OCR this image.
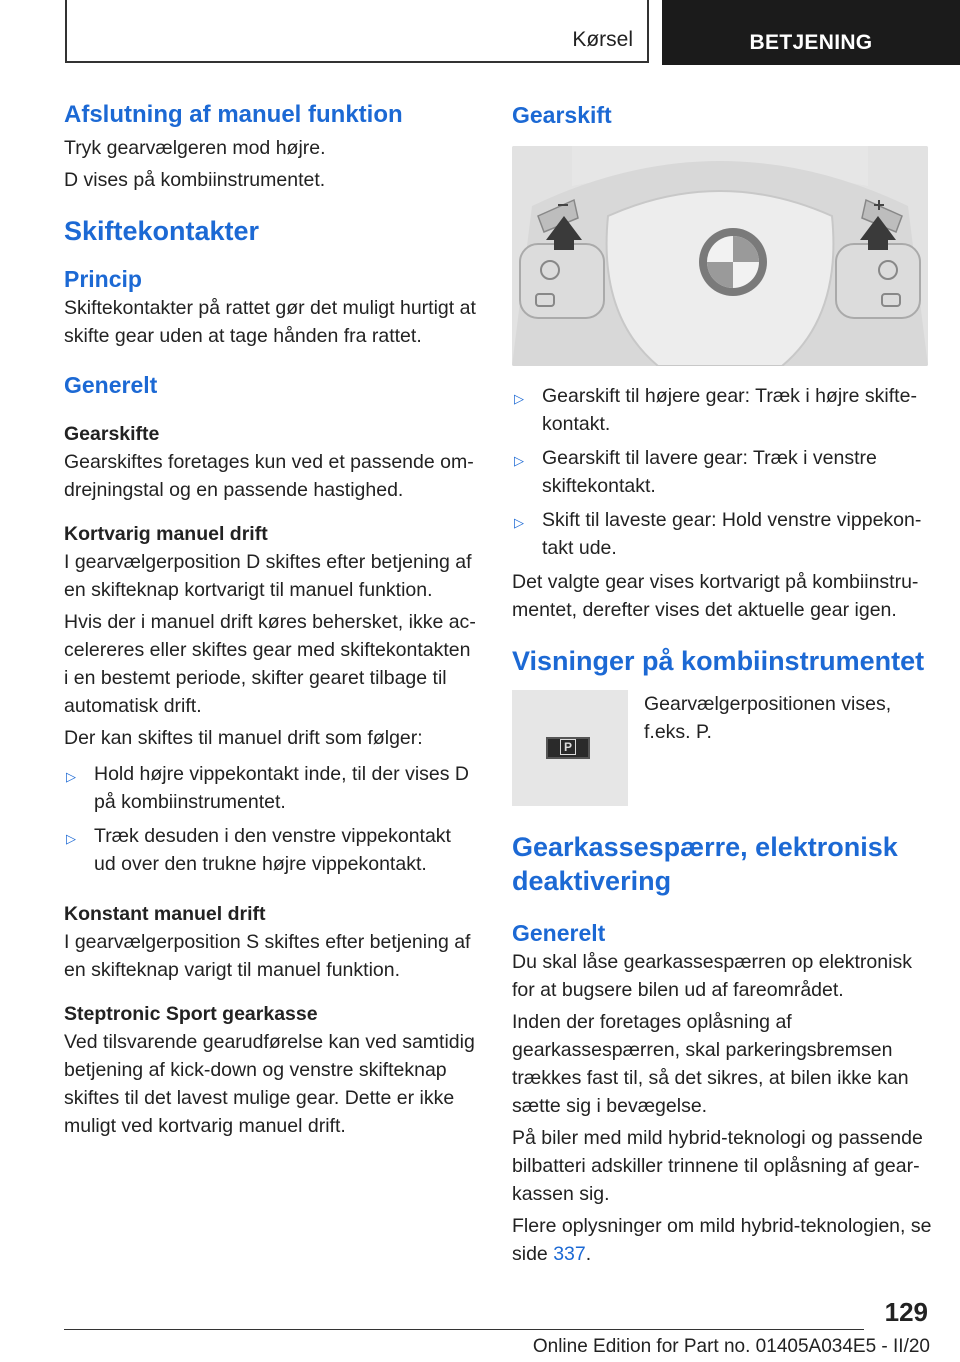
Kørsel	BETJENING
Afslutning af manuel funktion

Tryk gearvælgeren mod højre.

D vises på kombiinstrumentet.

Skiftekontakter
Princip

Skiftekontakter på rattet gør det muligt hurtigt at skifte gear uden at tage hånden fra rattet.

Generelt
Gearskifte

Gearskiftes foretages kun ved et passende omdrejningstal og en passende hastighed.

Kortvarig manuel drift

I gearvælgerposition D skiftes efter betjening af en skifteknap kortvarigt til manuel funktion.

Hvis der i manuel drift køres behersket, ikke accelereres eller skiftes gear med skiftekontakten i en bestemt periode, skifter gearet tilbage til automatisk drift.

Der kan skiftes til manuel drift som følger:

▷ Hold højre vippekontakt inde, til der vises D på kombiinstrumentet.
▷ Træk desuden i den venstre vippekontakt ud over den trukne højre vippekontakt.
Konstant manuel drift

I gearvælgerposition S skiftes efter betjening af en skifteknap varigt til manuel funktion.

Steptronic Sport gearkasse

Ved tilsvarende gearudførelse kan ved samtidig betjening af kick-down og venstre skifteknap skiftes til det lavest mulige gear. Dette er ikke muligt ved kortvarig manuel drift.

Gearskift
▷ Gearskift til højere gear: Træk i højre skiftekontakt.
▷ Gearskift til lavere gear: Træk i venstre skiftekontakt.
▷ Skift til laveste gear: Hold venstre vippekontakt ude.

Det valgte gear vises kortvarigt på kombiinstrumentet, derefter vises det aktuelle gear igen.

Visninger på kombiinstrumentet
P

Gearvælgerpositionen vises, f.eks. P.

Gearkassespærre, elektronisk deaktivering
Generelt

Du skal låse gearkassespærren op elektronisk for at bugsere bilen ud af fareområdet.

Inden der foretages oplåsning af gearkassespærren, skal parkeringsbremsen trækkes fast til, så det sikres, at bilen ikke kan sætte sig i bevægelse.

På biler med mild hybrid-teknologi og passende bilbatteri adskiller trinnene til oplåsning af gearkassen sig.

Flere oplysninger om mild hybrid-teknologien, se side 337.

129
Online Edition for Part no. 01405A034E5 - II/20
